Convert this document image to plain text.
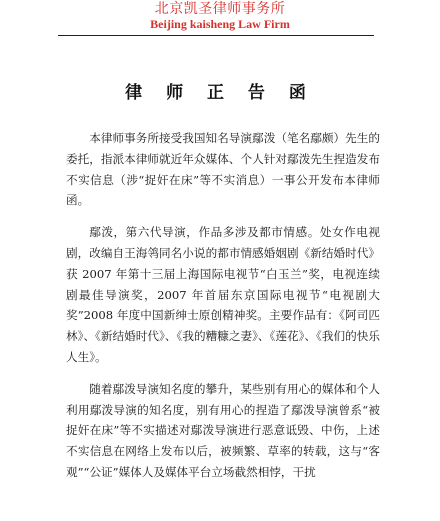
北京凯圣律师事务所
Beijing kaisheng Law Firm
律 师 正 告 函

本律师事务所接受我国知名导演鄢泼（笔名鄢颇）先生的委托，指派本律师就近年众媒体、个人针对鄢泼先生捏造发布不实信息（涉“捉奸在床”等不实消息）一事公开发布本律师函。

鄢泼，第六代导演，作品多涉及都市情感。处女作电视剧，改编自王海鸰同名小说的都市情感婚姻剧《新结婚时代》获 2007 年第十三届上海国际电视节“白玉兰”奖，电视连续剧最佳导演奖，2007 年首届东京国际电视节“电视剧大奖”2008 年度中国新绅士原创精神奖。主要作品有：《阿司匹林》、《新结婚时代》、《我的糟糠之妻》、《莲花》、《我们的快乐人生》。

随着鄢泼导演知名度的攀升，某些别有用心的媒体和个人利用鄢泼导演的知名度，别有用心的捏造了鄢泼导演曾系“被捉奸在床”等不实描述对鄢泼导演进行恶意诋毁、中伤，上述不实信息在网络上发布以后，被频繁、草率的转载，这与“客观”“公证”媒体人及媒体平台立场截然相悖，干扰
